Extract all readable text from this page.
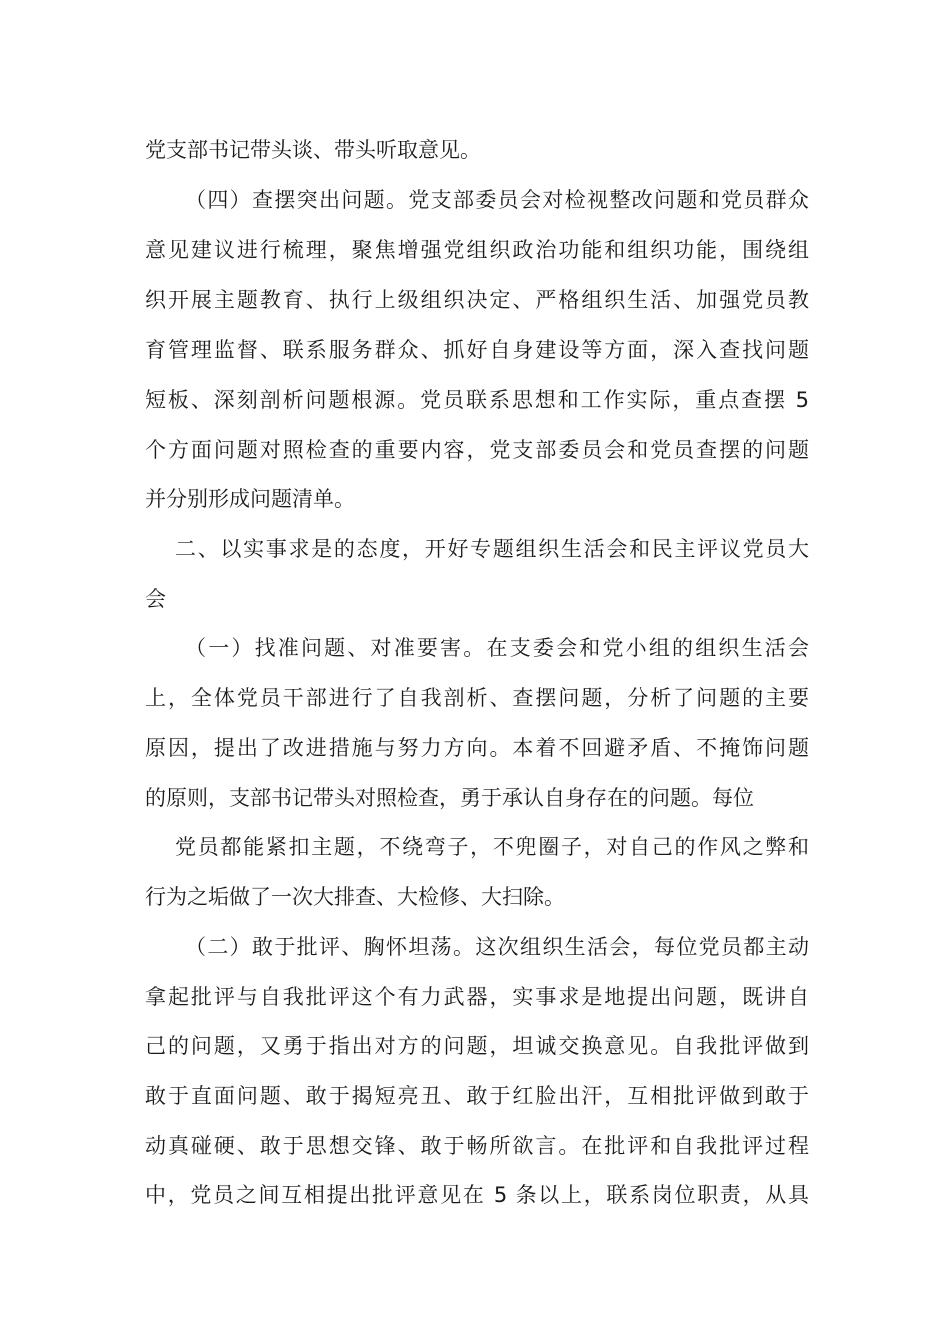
党支部书记带头谈、带头听取意见。
（四）查摆突出问题。党支部委员会对检视整改问题和党员群众
意见建议进行梳理，聚焦增强党组织政治功能和组织功能，围绕组
织开展主题教育、执行上级组织决定、严格组织生活、加强党员教
育管理监督、联系服务群众、抓好自身建设等方面，深入查找问题
短板、深刻剖析问题根源。党员联系思想和工作实际，重点查摆 5
个方面问题对照检查的重要内容，党支部委员会和党员查摆的问题
并分别形成问题清单。
二、以实事求是的态度，开好专题组织生活会和民主评议党员大
会
（一）找准问题、对准要害。在支委会和党小组的组织生活会
上，全体党员干部进行了自我剖析、查摆问题，分析了问题的主要
原因，提出了改进措施与努力方向。本着不回避矛盾、不掩饰问题
的原则，支部书记带头对照检查，勇于承认自身存在的问题。每位
党员都能紧扣主题，不绕弯子，不兜圈子，对自己的作风之弊和
行为之垢做了一次大排查、大检修、大扫除。
（二）敢于批评、胸怀坦荡。这次组织生活会，每位党员都主动
拿起批评与自我批评这个有力武器，实事求是地提出问题，既讲自
己的问题，又勇于指出对方的问题，坦诚交换意见。自我批评做到
敢于直面问题、敢于揭短亮丑、敢于红脸出汗，互相批评做到敢于
动真碰硬、敢于思想交锋、敢于畅所欲言。在批评和自我批评过程
中，党员之间互相提出批评意见在 5 条以上，联系岗位职责，从具
